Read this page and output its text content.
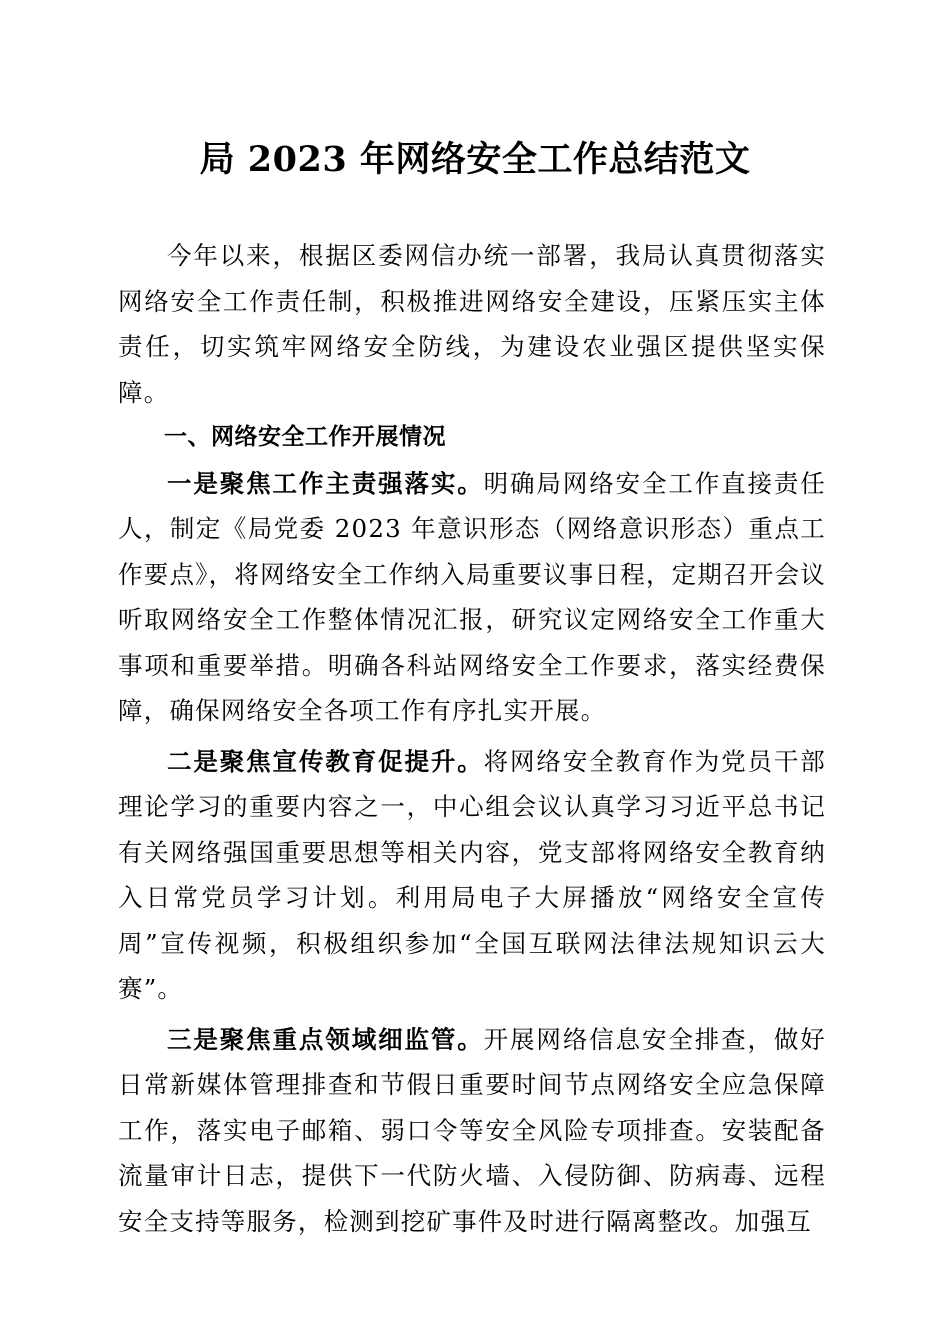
局 2023 年网络安全工作总结范文

今年以来，根据区委网信办统一部署，我局认真贯彻落实网络安全工作责任制，积极推进网络安全建设，压紧压实主体责任，切实筑牢网络安全防线，为建设农业强区提供坚实保障。

一、网络安全工作开展情况

一是聚焦工作主责强落实。明确局网络安全工作直接责任人，制定《局党委 2023 年意识形态（网络意识形态）重点工作要点》，将网络安全工作纳入局重要议事日程，定期召开会议听取网络安全工作整体情况汇报，研究议定网络安全工作重大事项和重要举措。明确各科站网络安全工作要求，落实经费保障，确保网络安全各项工作有序扎实开展。

二是聚焦宣传教育促提升。将网络安全教育作为党员干部理论学习的重要内容之一，中心组会议认真学习习近平总书记有关网络强国重要思想等相关内容，党支部将网络安全教育纳入日常党员学习计划。利用局电子大屏播放“网络安全宣传周”宣传视频，积极组织参加“全国互联网法律法规知识云大赛”。

三是聚焦重点领域细监管。开展网络信息安全排查，做好日常新媒体管理排查和节假日重要时间节点网络安全应急保障工作，落实电子邮箱、弱口令等安全风险专项排查。安装配备流量审计日志，提供下一代防火墙、入侵防御、防病毒、远程安全支持等服务，检测到挖矿事件及时进行隔离整改。加强互
